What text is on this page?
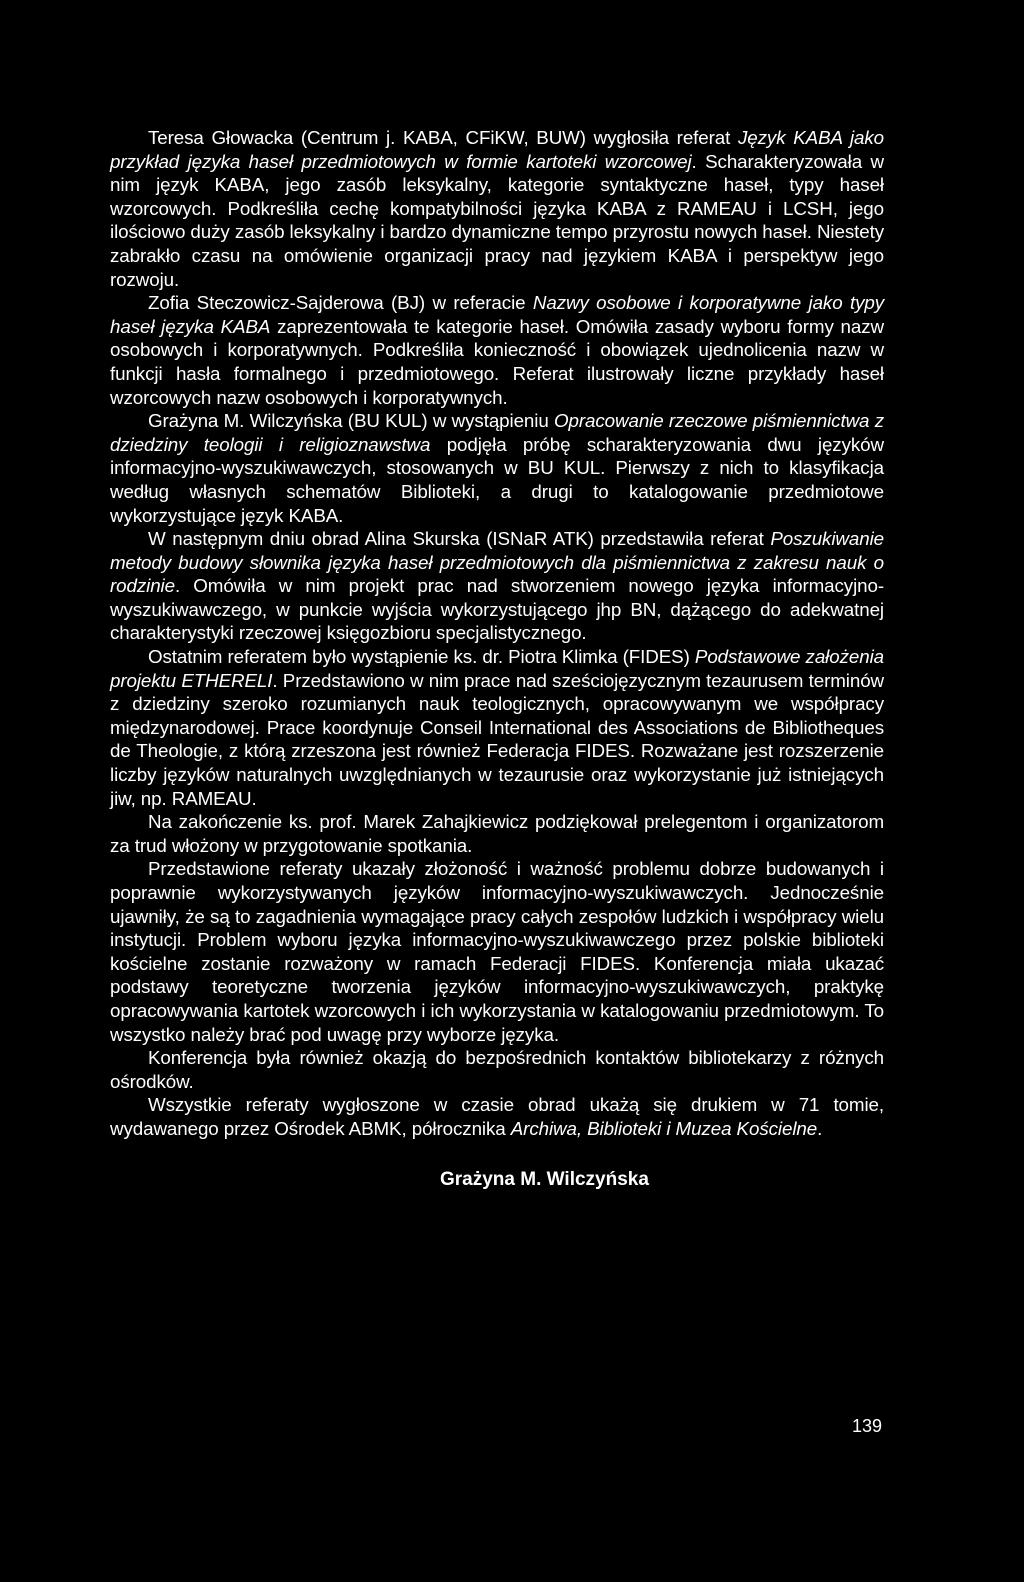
Teresa Głowacka (Centrum j. KABA, CFiKW, BUW) wygłosiła referat Język KABA jako przykład języka haseł przedmiotowych w formie kartoteki wzorcowej. Scharakteryzowała w nim język KABA, jego zasób leksykalny, kategorie syntaktyczne haseł, typy haseł wzorcowych. Podkreśliła cechę kompatybilności języka KABA z RAMEAU i LCSH, jego ilościowo duży zasób leksykalny i bardzo dynamiczne tempo przyrostu nowych haseł. Niestety zabrakło czasu na omówienie organizacji pracy nad językiem KABA i perspektyw jego rozwoju.

Zofia Steczowicz-Sajderowa (BJ) w referacie Nazwy osobowe i korporatywne jako typy haseł języka KABA zaprezentowała te kategorie haseł. Omówiła zasady wyboru formy nazw osobowych i korporatywnych. Podkreśliła konieczność i obowiązek ujednolicenia nazw w funkcji hasła formalnego i przedmiotowego. Referat ilustrowały liczne przykłady haseł wzorcowych nazw osobowych i korporatywnych.

Grażyna M. Wilczyńska (BU KUL) w wystąpieniu Opracowanie rzeczowe piśmiennictwa z dziedziny teologii i religioznawstwa podjęła próbę scharakteryzowania dwu języków informacyjno-wyszukiwawczych, stosowanych w BU KUL. Pierwszy z nich to klasyfikacja według własnych schematów Biblioteki, a drugi to katalogowanie przedmiotowe wykorzystujące język KABA.

W następnym dniu obrad Alina Skurska (ISNaR ATK) przedstawiła referat Poszukiwanie metody budowy słownika języka haseł przedmiotowych dla piśmiennictwa z zakresu nauk o rodzinie. Omówiła w nim projekt prac nad stworzeniem nowego języka informacyjno-wyszukiwawczego, w punkcie wyjścia wykorzystującego jhp BN, dążącego do adekwatnej charakterystyki rzeczowej księgozbioru specjalistycznego.

Ostatnim referatem było wystąpienie ks. dr. Piotra Klimka (FIDES) Podstawowe założenia projektu ETHERELI. Przedstawiono w nim prace nad sześciojęzycznym tezaurusem terminów z dziedziny szeroko rozumianych nauk teologicznych, opracowywanym we współpracy międzynarodowej. Prace koordynuje Conseil International des Associations de Bibliotheques de Theologie, z którą zrzeszona jest również Federacja FIDES. Rozważane jest rozszerzenie liczby języków naturalnych uwzględnianych w tezaurusie oraz wykorzystanie już istniejących jiw, np. RAMEAU.

Na zakończenie ks. prof. Marek Zahajkiewicz podziękował prelegentom i organizatorom za trud włożony w przygotowanie spotkania.

Przedstawione referaty ukazały złożoność i ważność problemu dobrze budowanych i poprawnie wykorzystywanych języków informacyjno-wyszukiwawczych. Jednocześnie ujawniły, że są to zagadnienia wymagające pracy całych zespołów ludzkich i współpracy wielu instytucji. Problem wyboru języka informacyjno-wyszukiwawczego przez polskie biblioteki kościelne zostanie rozważony w ramach Federacji FIDES. Konferencja miała ukazać podstawy teoretyczne tworzenia języków informacyjno-wyszukiwawczych, praktykę opracowywania kartotek wzorcowych i ich wykorzystania w katalogowaniu przedmiotowym. To wszystko należy brać pod uwagę przy wyborze języka.

Konferencja była również okazją do bezpośrednich kontaktów bibliotekarzy z różnych ośrodków.

Wszystkie referaty wygłoszone w czasie obrad ukażą się drukiem w 71 tomie, wydawanego przez Ośrodek ABMK, półrocznika Archiwa, Biblioteki i Muzea Kościelne.

Grażyna M. Wilczyńska

139
